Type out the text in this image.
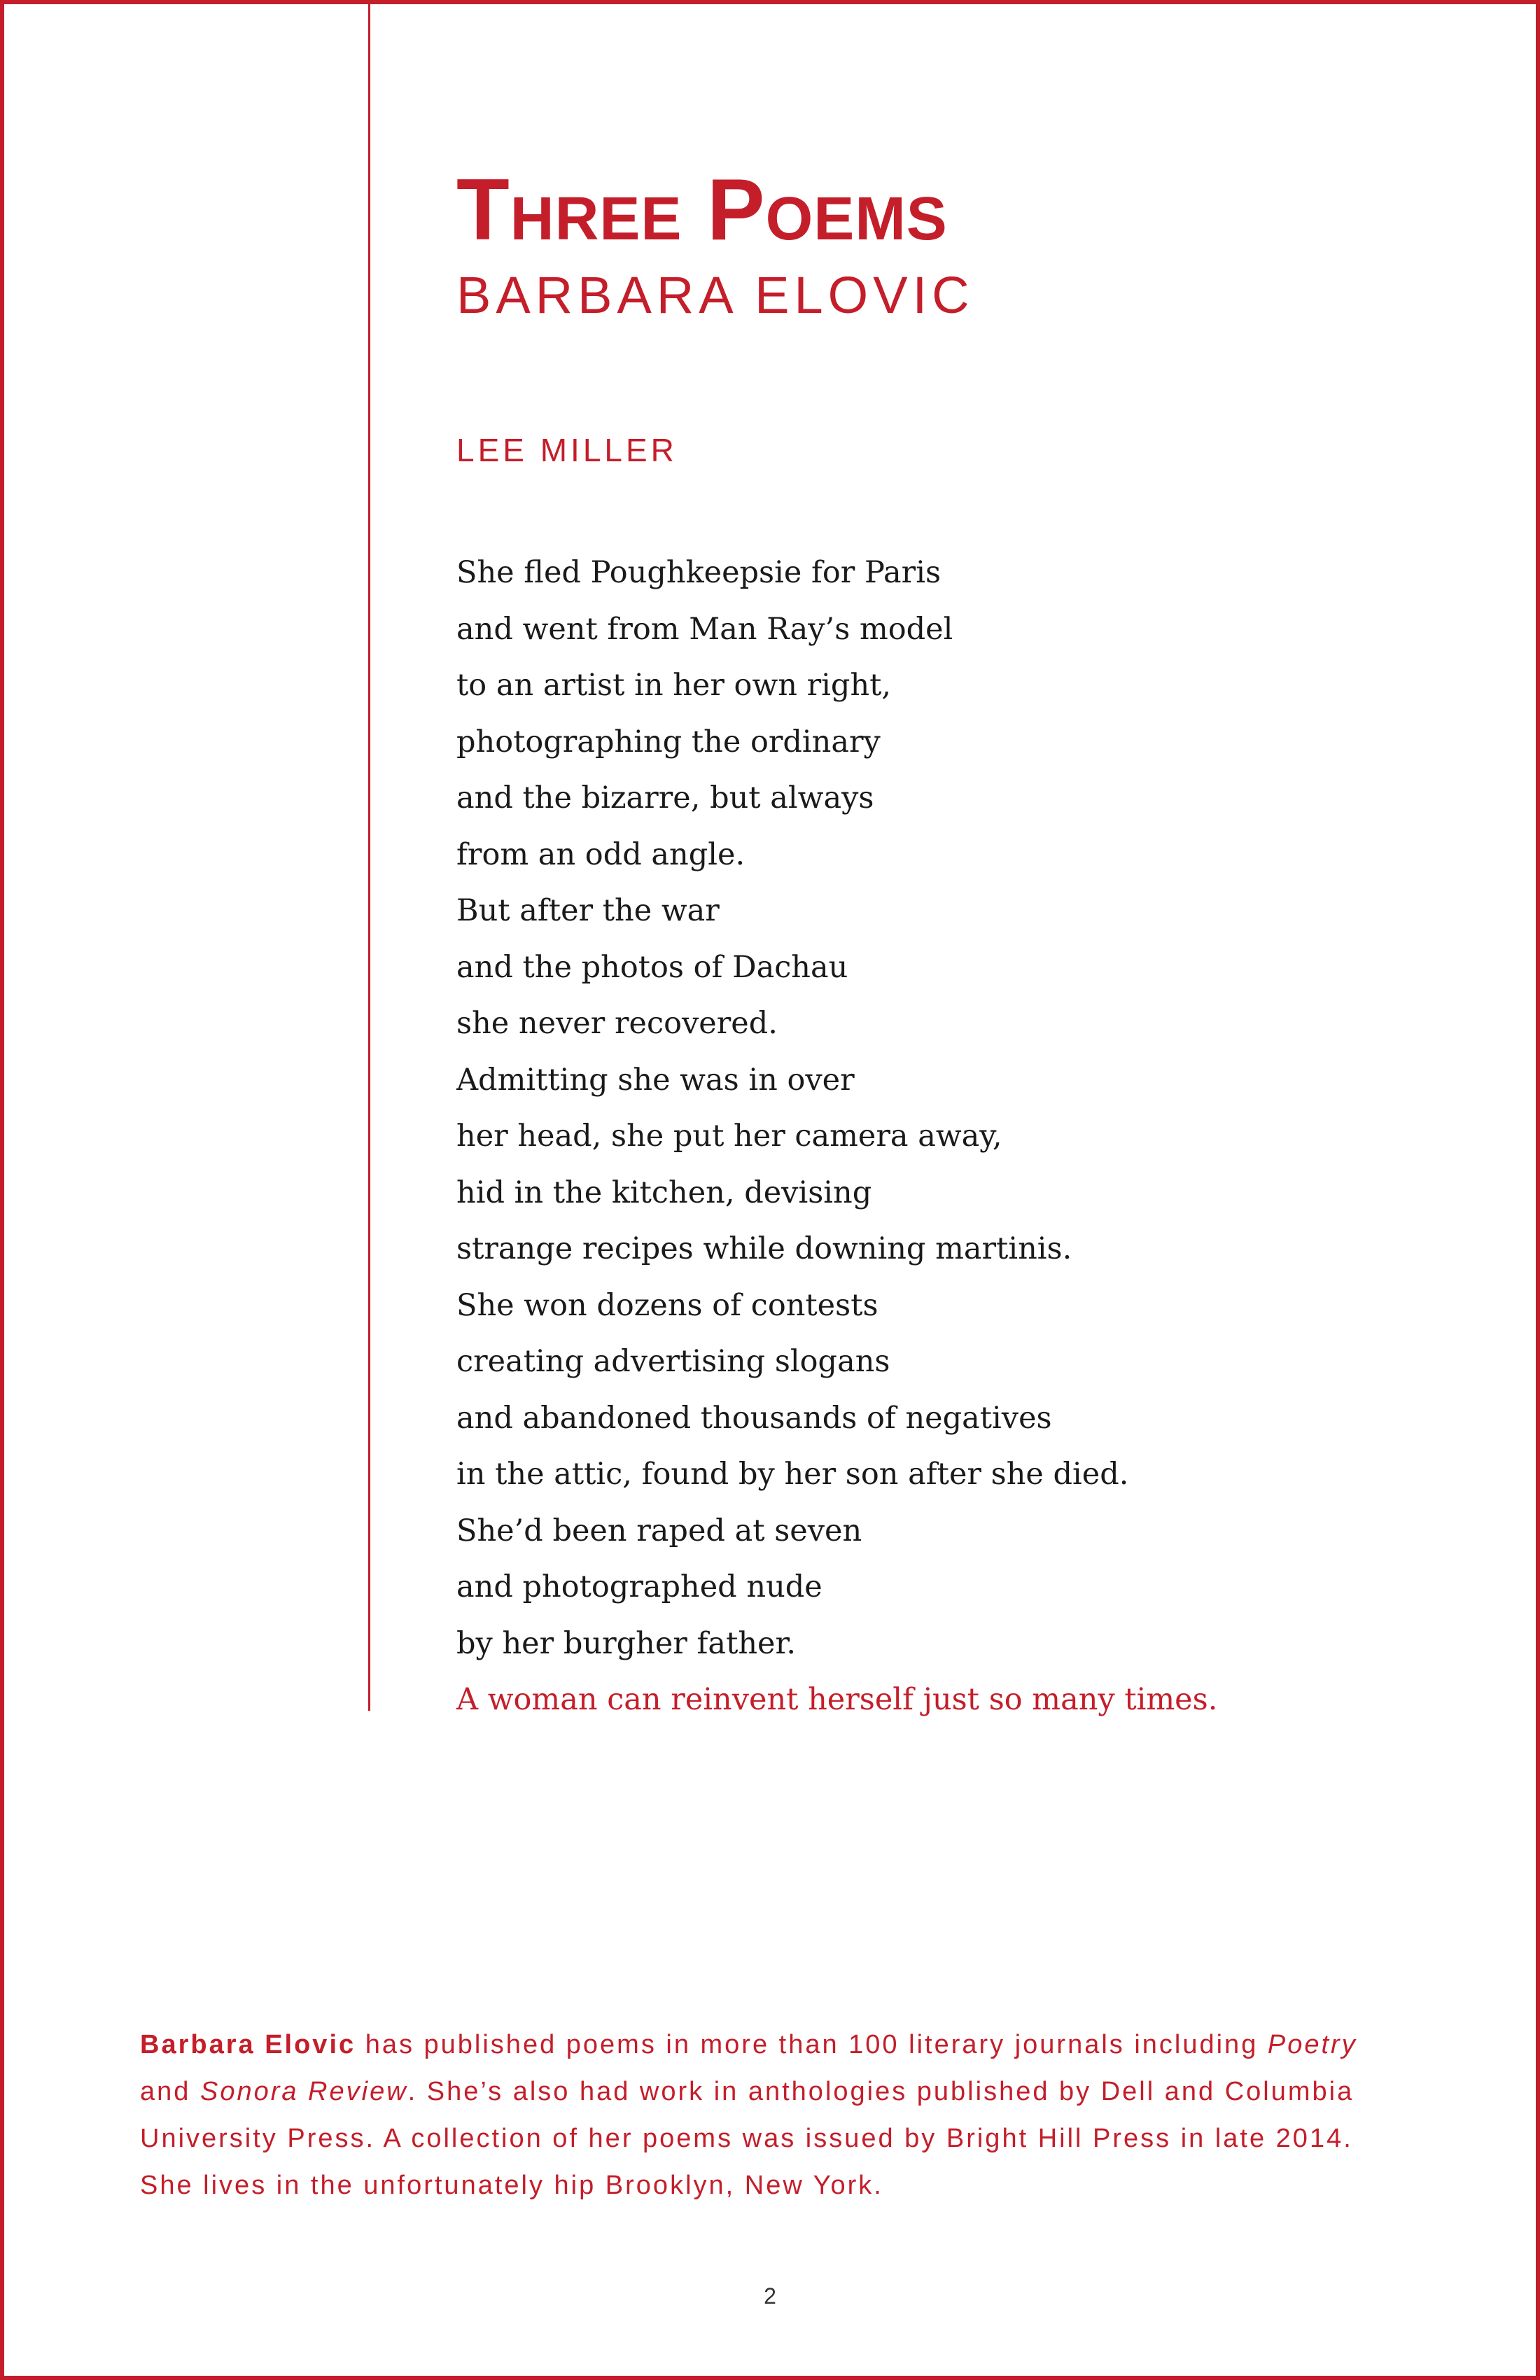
Three Poems
BARBARA ELOVIC
LEE MILLER
She fled Poughkeepsie for Paris
and went from Man Ray’s model
to an artist in her own right,
photographing the ordinary
and the bizarre, but always
from an odd angle.
But after the war
and the photos of Dachau
she never recovered.
Admitting she was in over
her head, she put her camera away,
hid in the kitchen, devising
strange recipes while downing martinis.
She won dozens of contests
creating advertising slogans
and abandoned thousands of negatives
in the attic, found by her son after she died.
She’d been raped at seven
and photographed nude
by her burgher father.
A woman can reinvent herself just so many times.

Barbara Elovic has published poems in more than 100 literary journals including Poetry and Sonora Review. She’s also had work in anthologies published by Dell and Columbia University Press. A collection of her poems was issued by Bright Hill Press in late 2014. She lives in the unfortunately hip Brooklyn, New York.

2
